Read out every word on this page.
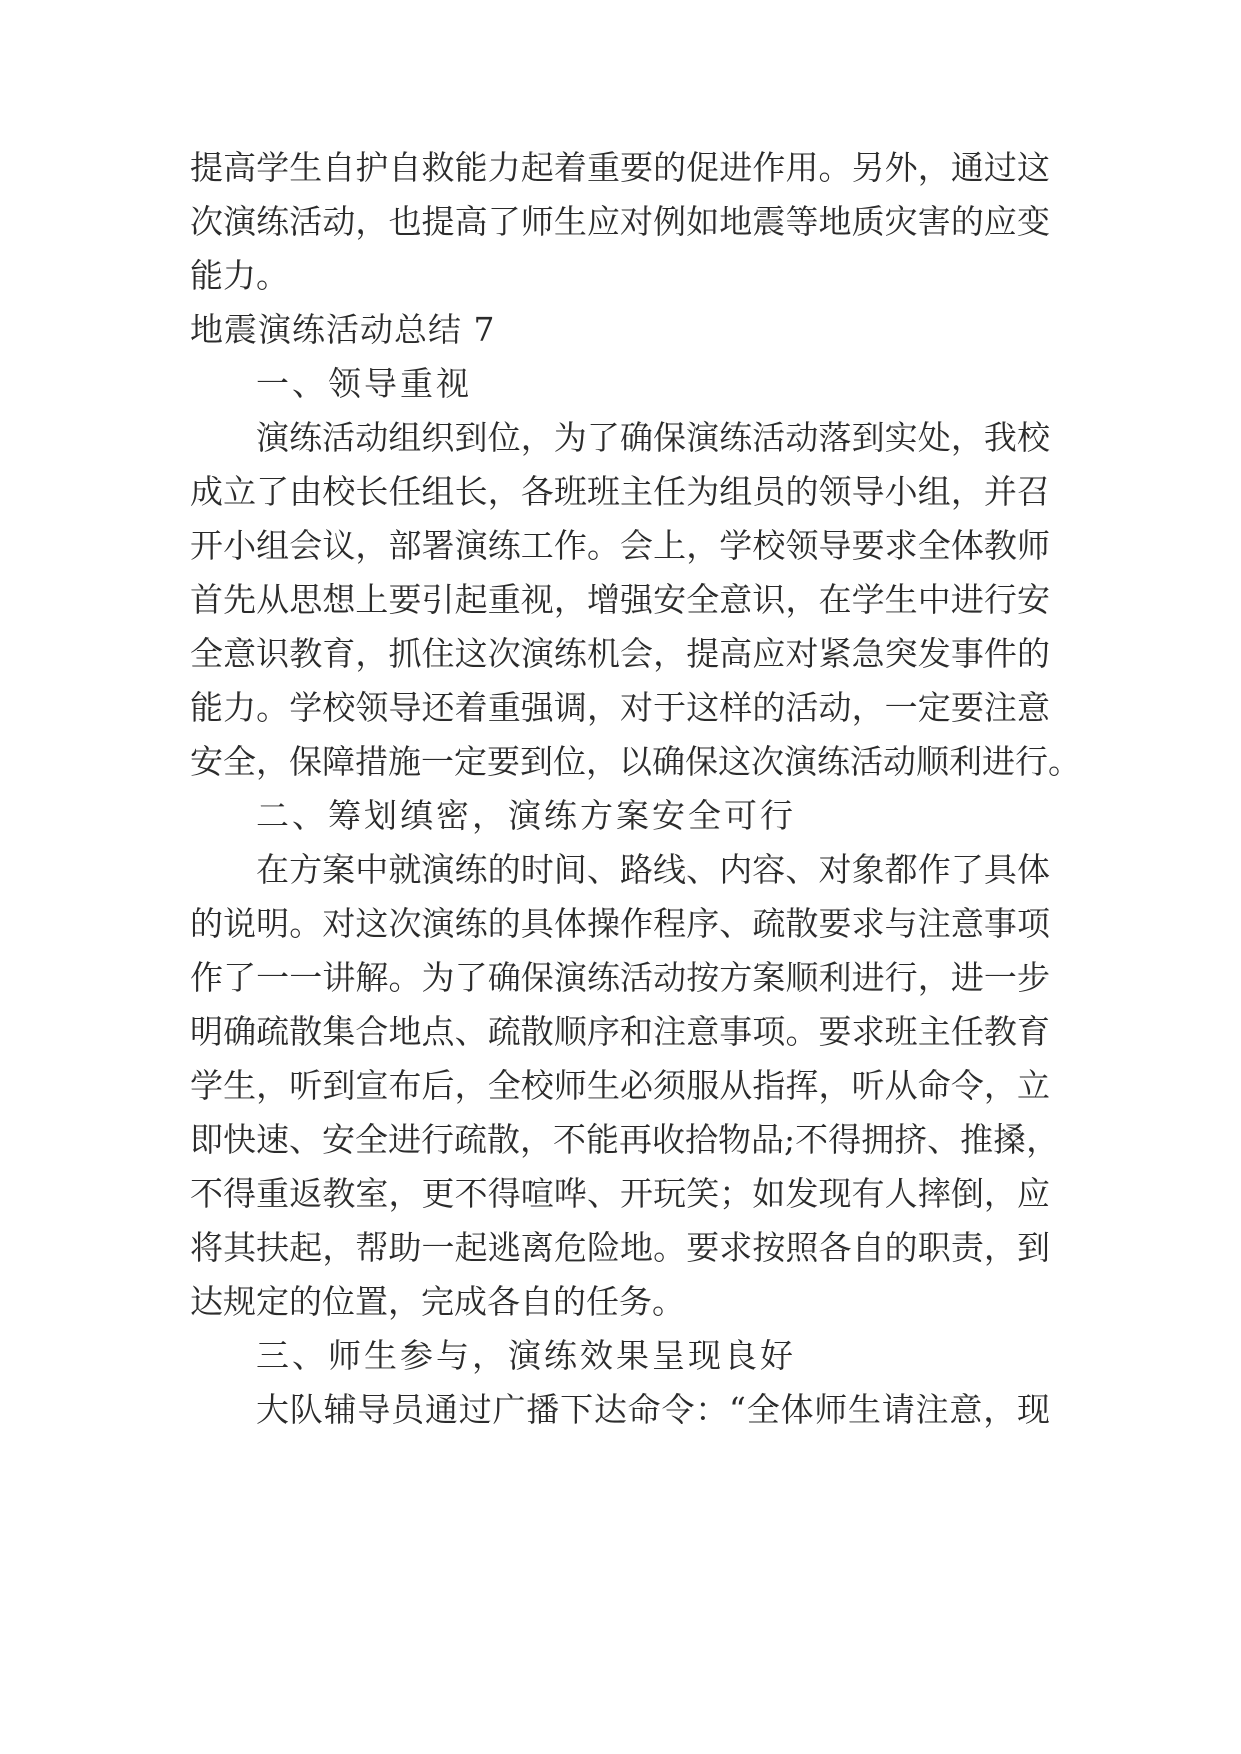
提高学生自护自救能力起着重要的促进作用。另外，通过这
次演练活动，也提高了师生应对例如地震等地质灾害的应变
能力。
地震演练活动总结 7
一、领导重视
演练活动组织到位，为了确保演练活动落到实处，我校
成立了由校长任组长，各班班主任为组员的领导小组，并召
开小组会议，部署演练工作。会上，学校领导要求全体教师
首先从思想上要引起重视，增强安全意识，在学生中进行安
全意识教育，抓住这次演练机会，提高应对紧急突发事件的
能力。学校领导还着重强调，对于这样的活动，一定要注意
安全，保障措施一定要到位，以确保这次演练活动顺利进行。
二、筹划缜密，演练方案安全可行
在方案中就演练的时间、路线、内容、对象都作了具体
的说明。对这次演练的具体操作程序、疏散要求与注意事项
作了一一讲解。为了确保演练活动按方案顺利进行，进一步
明确疏散集合地点、疏散顺序和注意事项。要求班主任教育
学生，听到宣布后，全校师生必须服从指挥，听从命令，立
即快速、安全进行疏散，不能再收拾物品;不得拥挤、推搡，
不得重返教室，更不得喧哗、开玩笑；如发现有人摔倒，应
将其扶起，帮助一起逃离危险地。要求按照各自的职责，到
达规定的位置，完成各自的任务。
三、师生参与，演练效果呈现良好
大队辅导员通过广播下达命令：“全体师生请注意，现
